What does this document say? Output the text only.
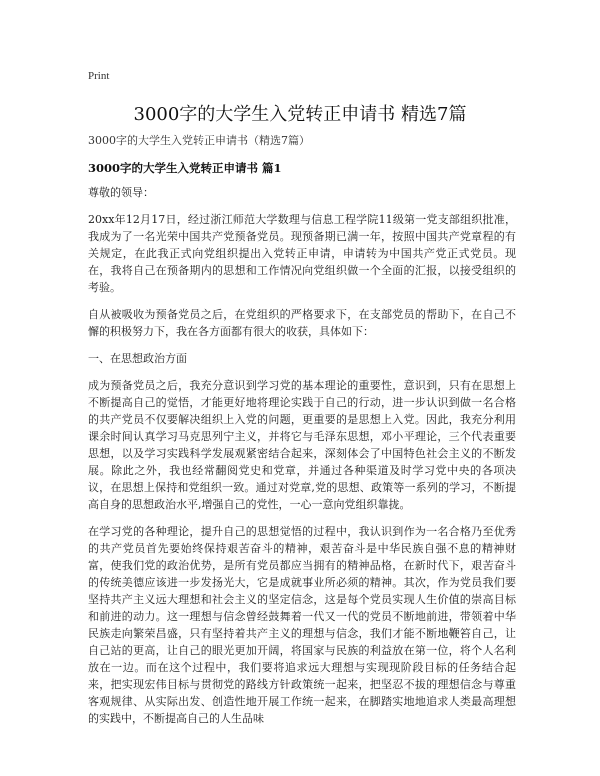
Print
3000字的大学生入党转正申请书 精选7篇
3000字的大学生入党转正申请书（精选7篇）
3000字的大学生入党转正申请书 篇1

尊敬的领导：

20xx年12月17日，经过浙江师范大学数理与信息工程学院11级第一党支部组织批准，我成为了一名光荣中国共产党预备党员。现预备期已满一年，按照中国共产党章程的有关规定，在此我正式向党组织提出入党转正申请，申请转为中国共产党正式党员。现在，我将自己在预备期内的思想和工作情况向党组织做一个全面的汇报，以接受组织的考验。

自从被吸收为预备党员之后，在党组织的严格要求下，在支部党员的帮助下，在自己不懈的积极努力下，我在各方面都有很大的收获，具体如下：

一、在思想政治方面

成为预备党员之后，我充分意识到学习党的基本理论的重要性，意识到，只有在思想上不断提高自己的觉悟，才能更好地将理论实践于自己的行动，进一步认识到做一名合格的共产党员不仅要解决组织上入党的问题，更重要的是思想上入党。因此，我充分利用课余时间认真学习马克思列宁主义，并将它与毛泽东思想，邓小平理论，三个代表重要思想，以及学习实践科学发展观紧密结合起来，深刻体会了中国特色社会主义的不断发展。除此之外，我也经常翻阅党史和党章，并通过各种渠道及时学习党中央的各项决议，在思想上保持和党组织一致。通过对党章,党的思想、政策等一系列的学习，不断提高自身的思想政治水平,增强自己的党性，一心一意向党组织靠拢。

在学习党的各种理论，提升自己的思想觉悟的过程中，我认识到作为一名合格乃至优秀的共产党员首先要始终保持艰苦奋斗的精神，艰苦奋斗是中华民族自强不息的精神财富，使我们党的政治优势，是所有党员都应当拥有的精神品格，在新时代下，艰苦奋斗的传统美德应该进一步发扬光大，它是成就事业所必须的精神。其次，作为党员我们要坚持共产主义远大理想和社会主义的坚定信念，这是每个党员实现人生价值的崇高目标和前进的动力。这一理想与信念曾经鼓舞着一代又一代的党员不断地前进，带领着中华民族走向繁荣昌盛，只有坚持着共产主义的理想与信念，我们才能不断地鞭笞自己，让自己站的更高，让自己的眼光更加开阔，将国家与民族的利益放在第一位，将个人名利放在一边。而在这个过程中，我们要将追求远大理想与实现现阶段目标的任务结合起来，把实现宏伟目标与贯彻党的路线方针政策统一起来，把坚忍不拔的理想信念与尊重客观规律、从实际出发、创造性地开展工作统一起来，在脚踏实地地追求人类最高理想的实践中，不断提高自己的人生品味
